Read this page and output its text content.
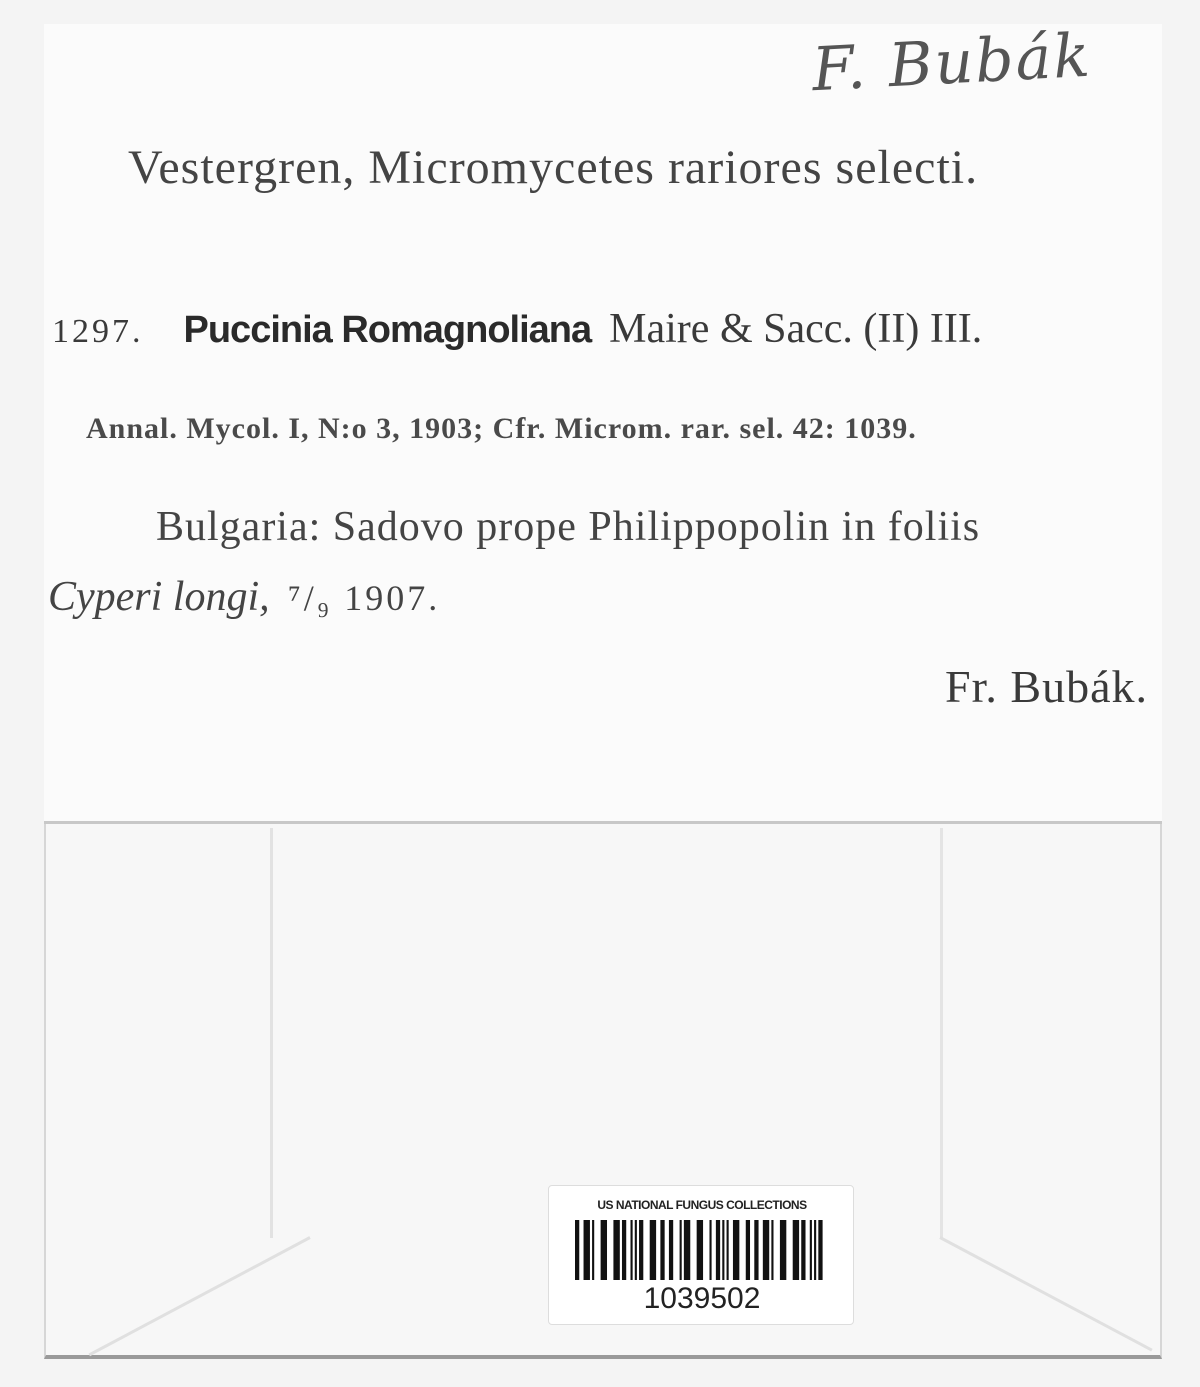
F. Bubák
Vestergren, Micromycetes rariores selecti.
1297. Puccinia Romagnoliana Maire & Sacc. (II) III.
Annal. Mycol. I, N:o 3, 1903; Cfr. Microm. rar. sel. 42: 1039.
Bulgaria: Sadovo prope Philippopolin in foliis
Cyperi longi, ⁷/₉ 1907.
Fr. Bubák.
US NATIONAL FUNGUS COLLECTIONS
1039502
